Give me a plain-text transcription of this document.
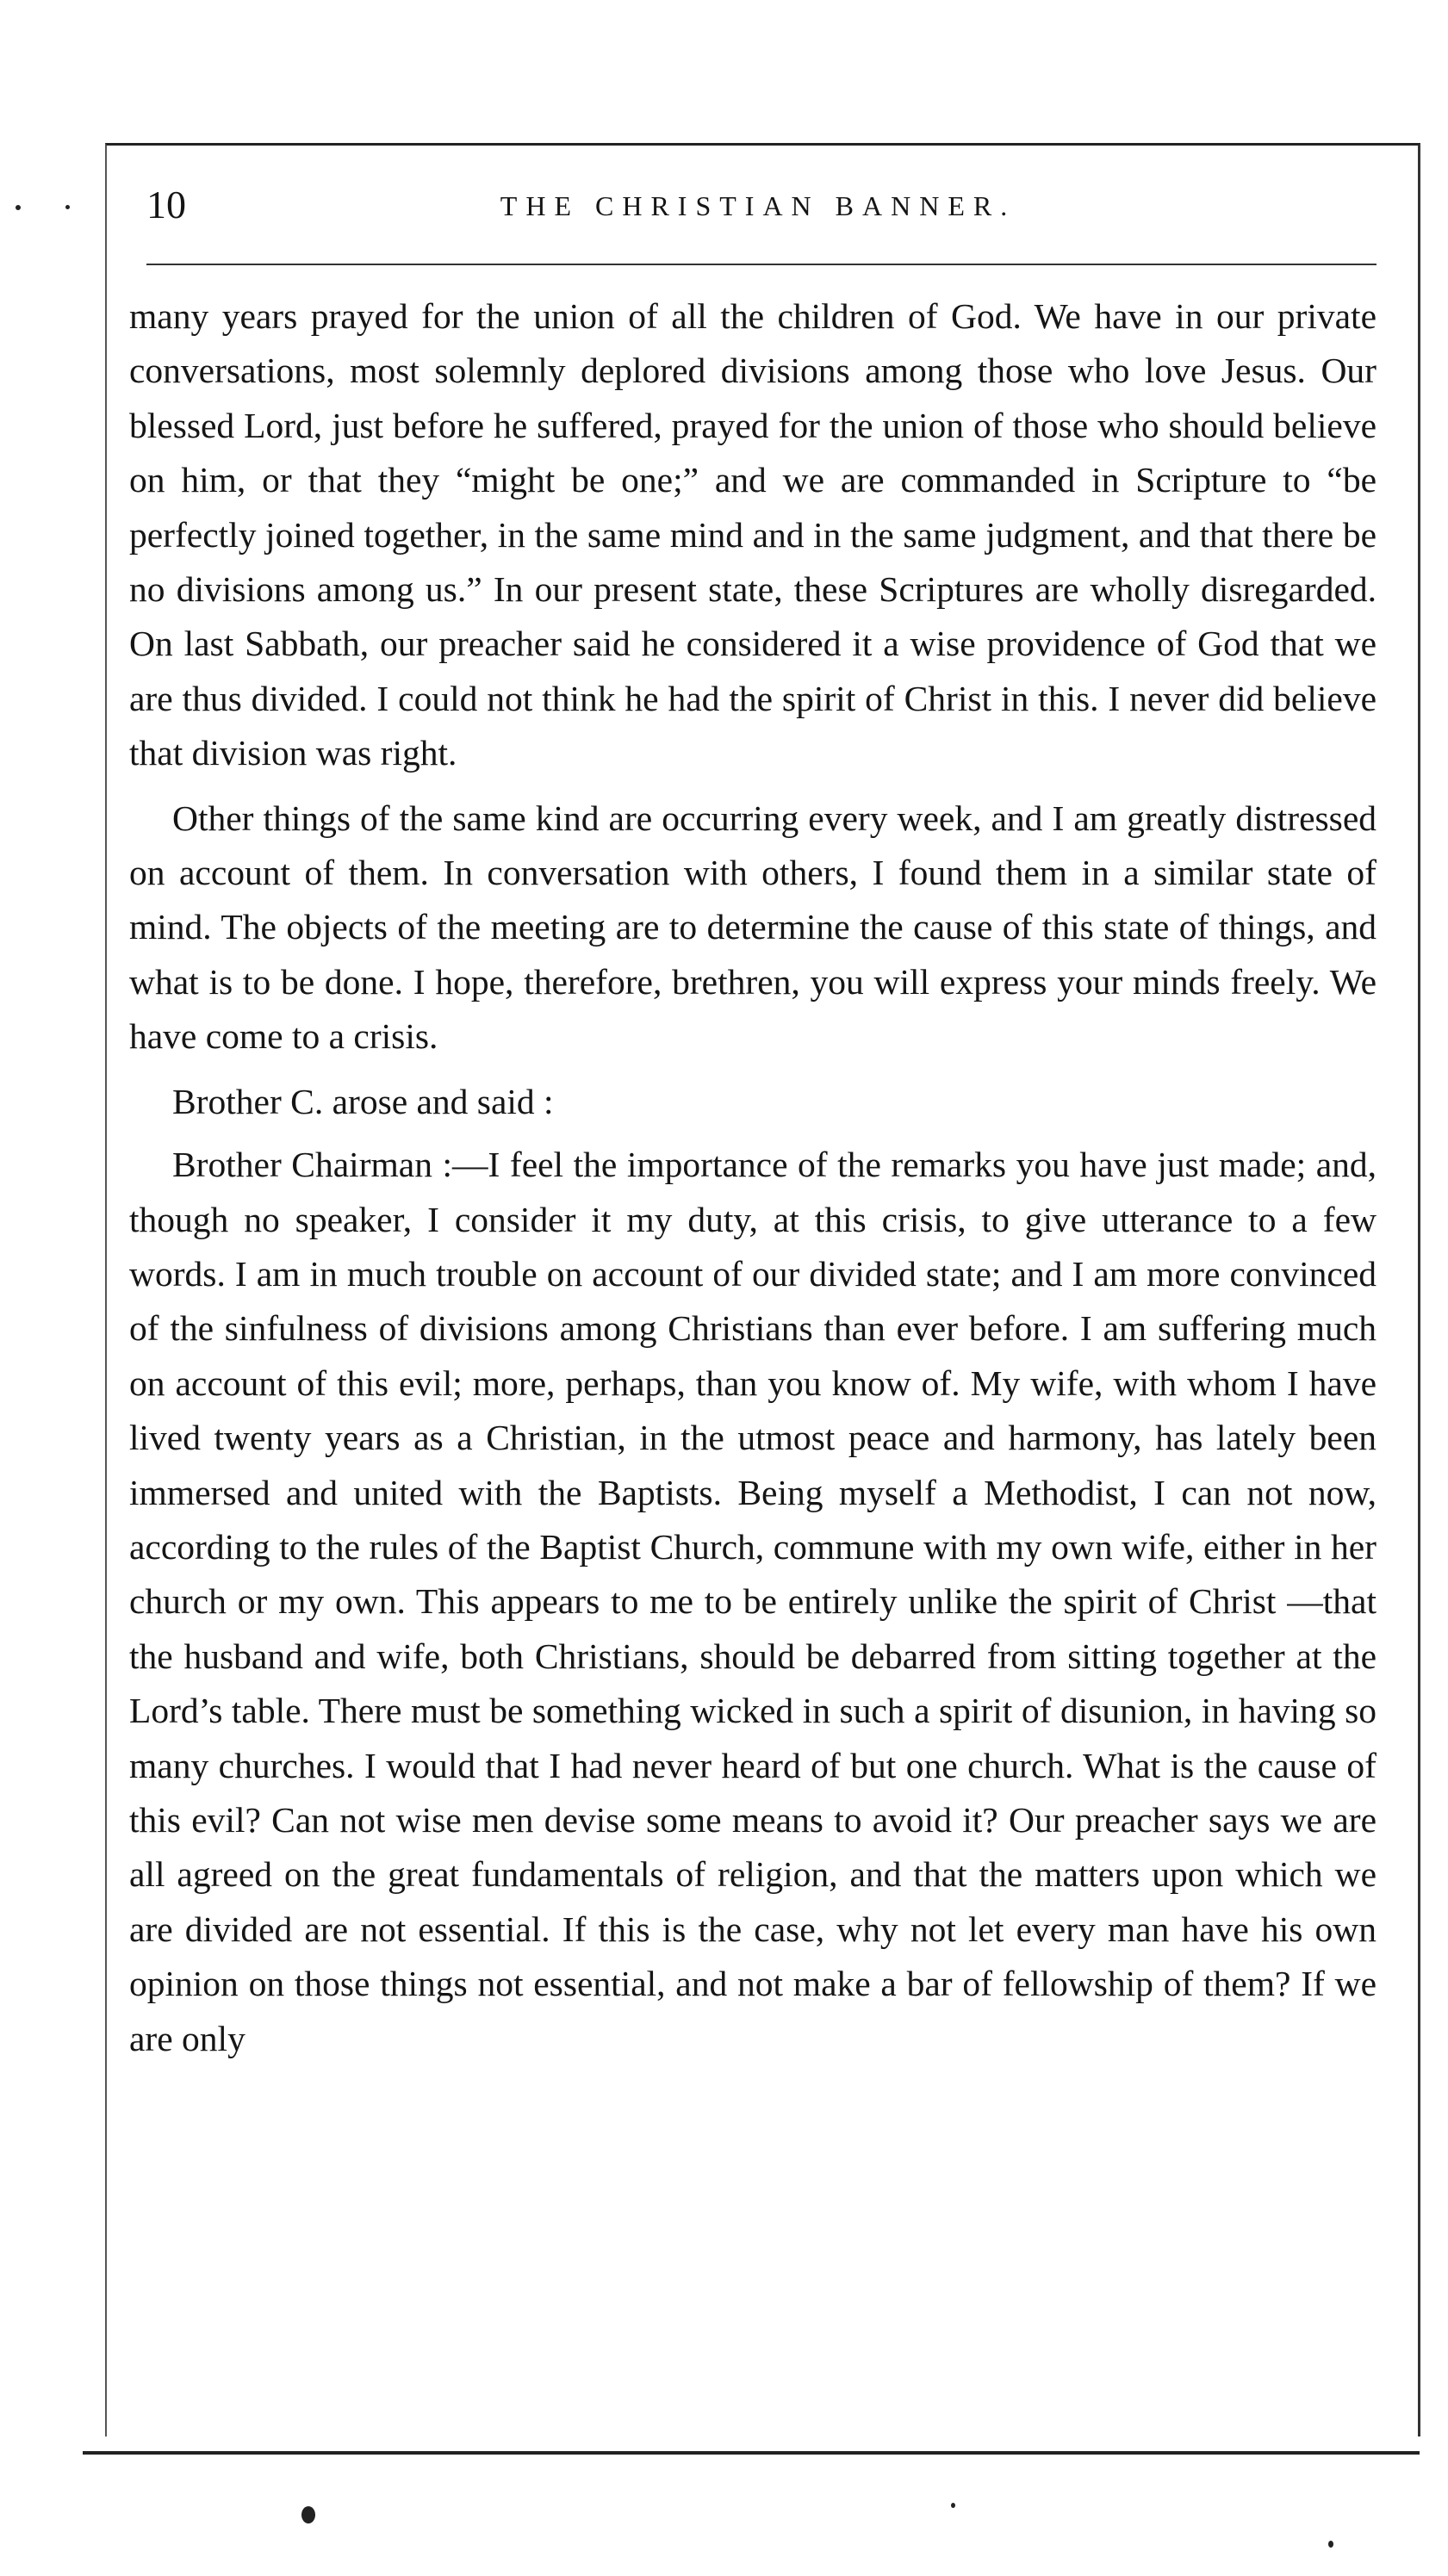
10	THE CHRISTIAN BANNER.

many years prayed for the union of all the children of God. We have in our private conversations, most solemnly deplored divisions among those who love Jesus. Our blessed Lord, just before he suffered, prayed for the union of those who should believe on him, or that they “might be one;” and we are commanded in Scripture to “be perfectly joined together, in the same mind and in the same judgment, and that there be no divisions among us.” In our present state, these Scriptures are wholly disregarded. On last Sabbath, our preacher said he considered it a wise providence of God that we are thus divided. I could not think he had the spirit of Christ in this. I never did believe that division was right.

Other things of the same kind are occurring every week, and I am greatly distressed on account of them. In conversation with others, I found them in a similar state of mind. The objects of the meeting are to determine the cause of this state of things, and what is to be done. I hope, therefore, brethren, you will express your minds freely. We have come to a crisis.

Brother C. arose and said :

Brother Chairman :—I feel the importance of the remarks you have just made; and, though no speaker, I consider it my duty, at this crisis, to give utterance to a few words. I am in much trouble on account of our divided state; and I am more convinced of the sinfulness of divisions among Christians than ever before. I am suffering much on account of this evil; more, perhaps, than you know of. My wife, with whom I have lived twenty years as a Christian, in the utmost peace and harmony, has lately been immersed and united with the Baptists. Being myself a Methodist, I can not now, according to the rules of the Baptist Church, commune with my own wife, either in her church or my own. This appears to me to be entirely unlike the spirit of Christ —that the husband and wife, both Christians, should be debarred from sitting together at the Lord’s table. There must be something wicked in such a spirit of disunion, in having so many churches. I would that I had never heard of but one church. What is the cause of this evil? Can not wise men devise some means to avoid it? Our preacher says we are all agreed on the great fundamentals of religion, and that the matters upon which we are divided are not essential. If this is the case, why not let every man have his own opinion on those things not essential, and not make a bar of fellowship of them? If we are only
